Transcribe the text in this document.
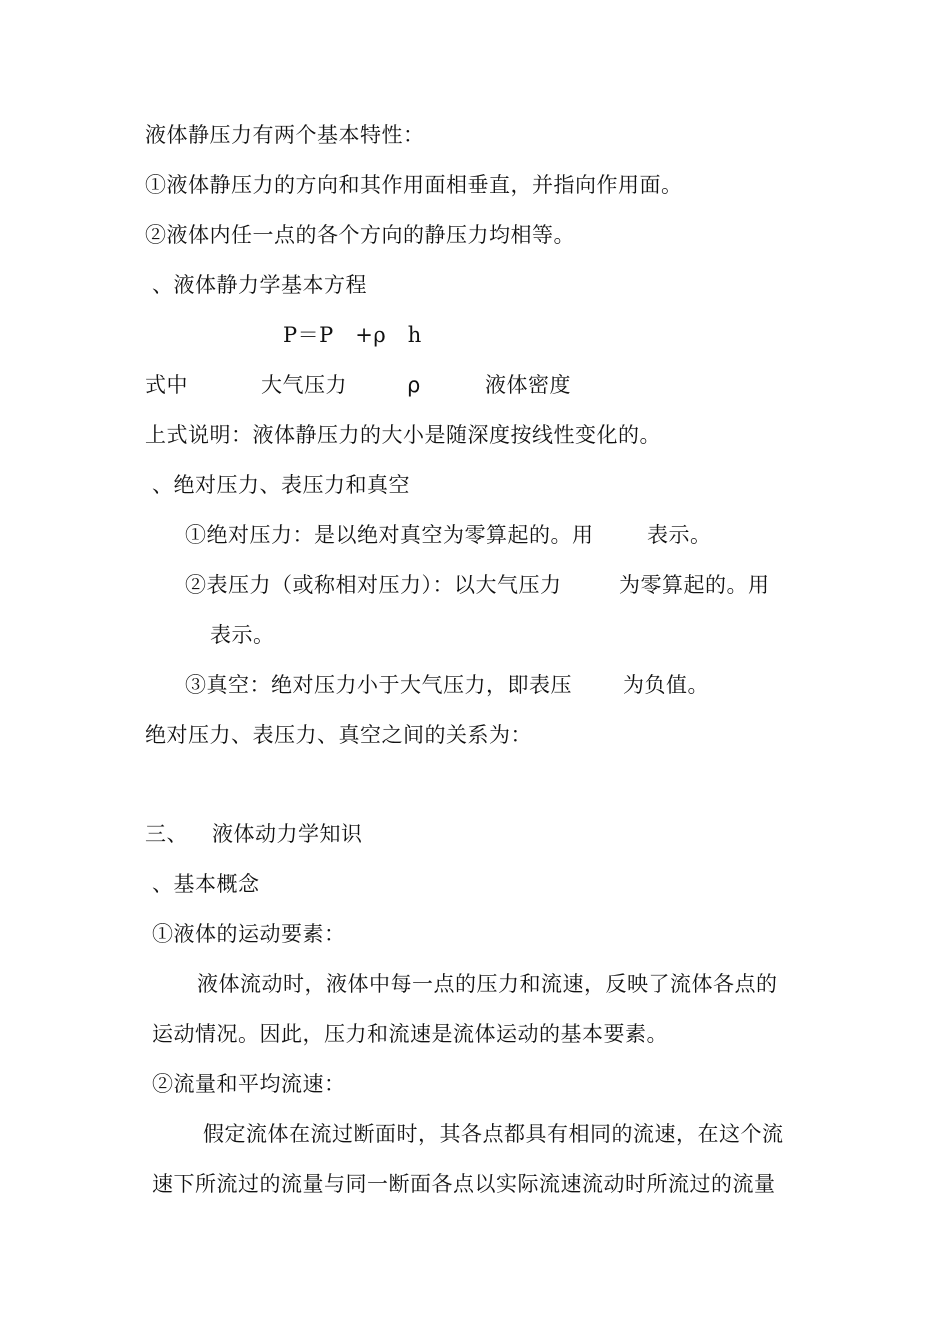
液体静压力有两个基本特性：
①液体静压力的方向和其作用面相垂直，并指向作用面。
②液体内任一点的各个方向的静压力均相等。
、液体静力学基本方程
P＝P　+ρ　h
式中	大气压力	ρ	液体密度
上式说明：液体静压力的大小是随深度按线性变化的。
、绝对压力、表压力和真空
①绝对压力：是以绝对真空为零算起的。用	表示。
②表压力（或称相对压力）：以大气压力	为零算起的。用
表示。
③真空：绝对压力小于大气压力，即表压 为负值。
绝对压力、表压力、真空之间的关系为：
三、 液体动力学知识
、基本概念
①液体的运动要素：
液体流动时，液体中每一点的压力和流速，反映了流体各点的
运动情况。因此，压力和流速是流体运动的基本要素。
②流量和平均流速：
假定流体在流过断面时，其各点都具有相同的流速，在这个流
速下所流过的流量与同一断面各点以实际流速流动时所流过的流量
